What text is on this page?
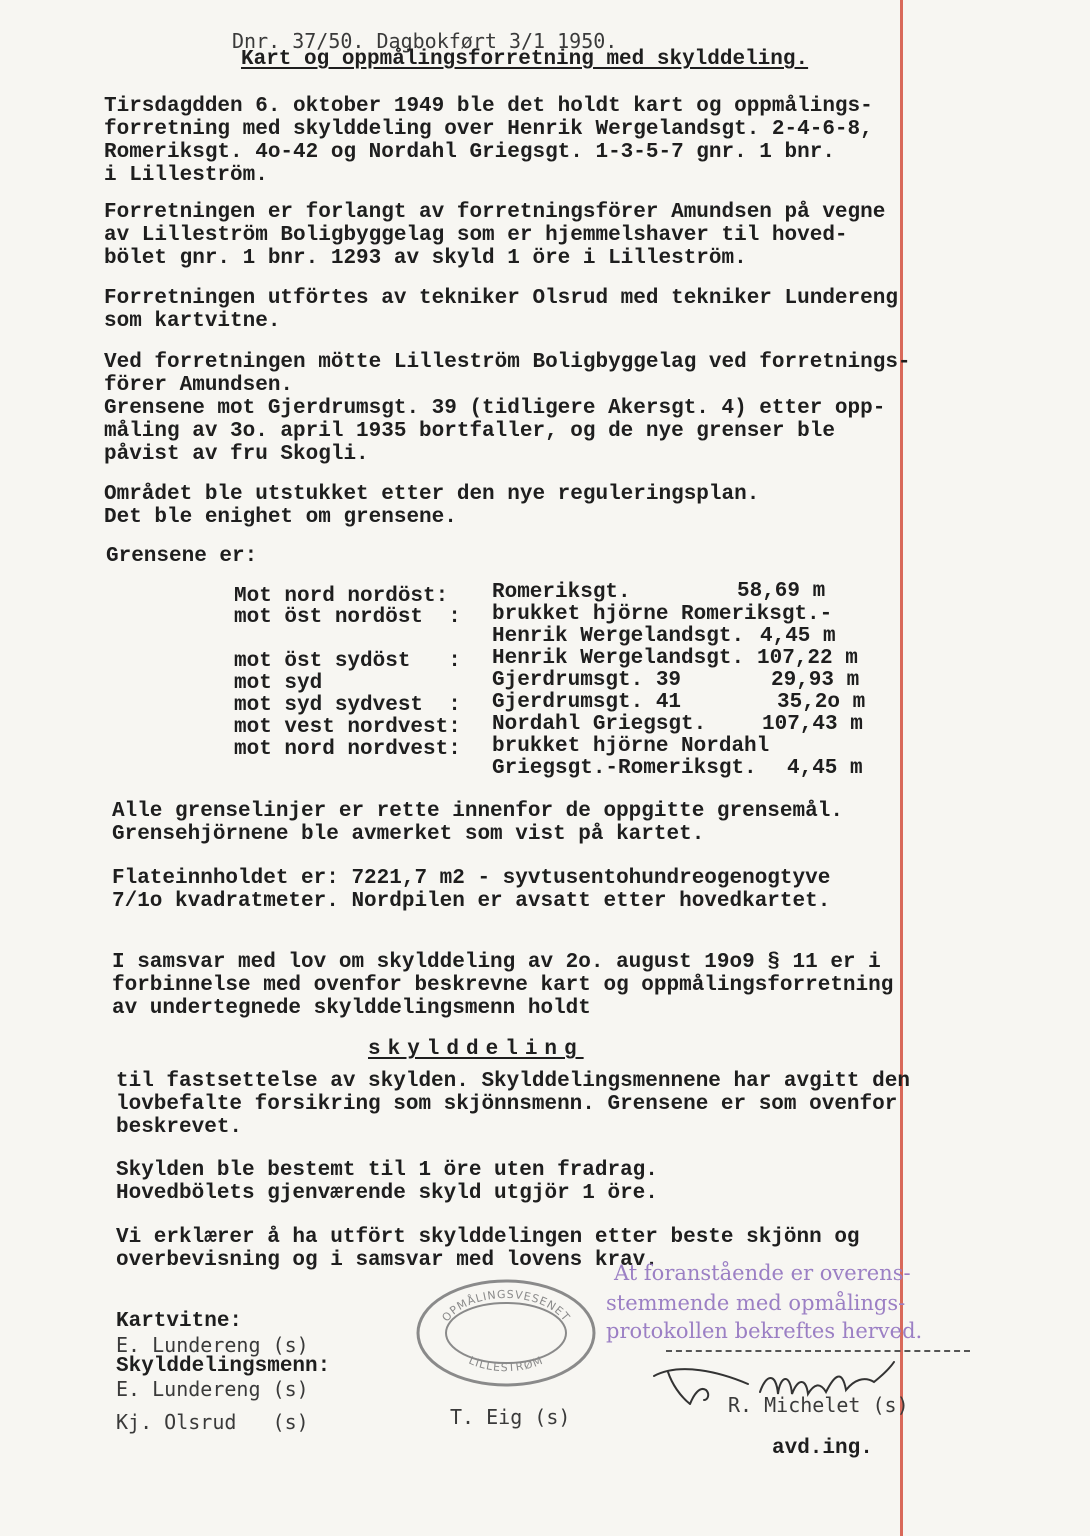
Dnr. 37/50. Dagbokført 3/1 1950.
Kart og oppmålingsforretning med skylddeling.
Tirsdagdden 6. oktober 1949 ble det holdt kart og oppmålings-
forretning med skylddeling over Henrik Wergelandsgt. 2-4-6-8,
Romeriksgt. 4o-42 og Nordahl Griegsgt. 1-3-5-7 gnr. 1 bnr.
i Lilleström.
Forretningen er forlangt av forretningsförer Amundsen på vegne
av Lilleström Boligbyggelag som er hjemmelshaver til hoved-
bölet gnr. 1 bnr. 1293 av skyld 1 öre i Lilleström.
Forretningen utförtes av tekniker Olsrud med tekniker Lundereng
som kartvitne.
Ved forretningen mötte Lilleström Boligbyggelag ved forretnings-
förer Amundsen.
Grensene mot Gjerdrumsgt. 39 (tidligere Akersgt. 4) etter opp-
måling av 3o. april 1935 bortfaller, og de nye grenser ble
påvist av fru Skogli.
Området ble utstukket etter den nye reguleringsplan.
Det ble enighet om grensene.
Grensene er:
Mot nord nordöst: Romeriksgt.	58,69 m
mot öst nordöst  : brukket hjörne Romeriksgt.-
Henrik Wergelandsgt. 4,45 m
mot öst sydöst   : Henrik Wergelandsgt. 107,22 m
mot syd	Gjerdrumsgt. 39	29,93 m
mot syd sydvest  : Gjerdrumsgt. 41	35,2o m
mot vest nordvest: Nordahl Griegsgt.	107,43 m
mot nord nordvest: brukket hjörne Nordahl
Griegsgt.-Romeriksgt. 4,45 m
Alle grenselinjer er rette innenfor de oppgitte grensemål.
Grensehjörnene ble avmerket som vist på kartet.
Flateinnholdet er: 7221,7 m2 - syvtusentohundreogenogtyve
7/1o kvadratmeter. Nordpilen er avsatt etter hovedkartet.
I samsvar med lov om skylddeling av 2o. august 19o9 § 11 er i
forbinnelse med ovenfor beskrevne kart og oppmålingsforretning
av undertegnede skylddelingsmenn holdt
skylddeling
til fastsettelse av skylden. Skylddelingsmennene har avgitt den
lovbefalte forsikring som skjönnsmenn. Grensene er som ovenfor
beskrevet.
Skylden ble bestemt til 1 öre uten fradrag.
Hovedbölets gjenværende skyld utgjör 1 öre.
Vi erklærer å ha utfört skylddelingen etter beste skjönn og
overbevisning og i samsvar med lovens krav.
At foranstående er overens-
stemmende med opmålings-
protokollen bekreftes herved.
OPMÅLINGSVESENET
LILLESTRØM
Kartvitne:
E. Lundereng (s)
Skylddelingsmenn:
E. Lundereng (s)
Kj. Olsrud   (s)	T. Eig (s)	R. Michelet (s)
avd.ing.
